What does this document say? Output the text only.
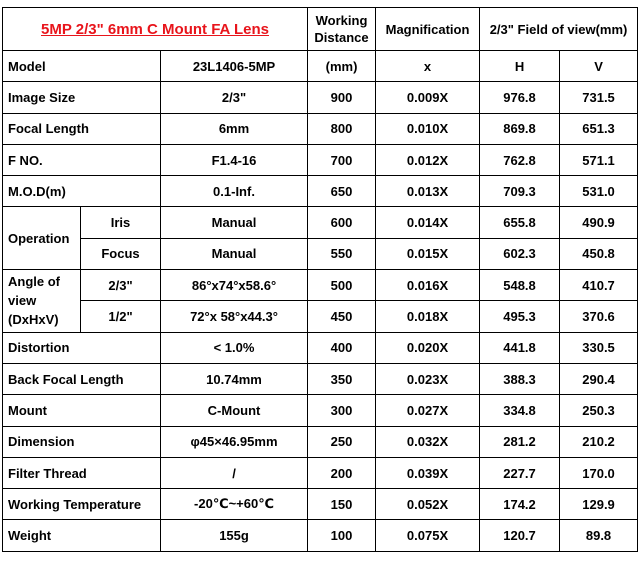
5MP 2/3" 6mm C Mount FA Lens			Working
Distance	Magnification	2/3" Field of view(mm)	
Model		23L1406-5MP	(mm)	x	H	V
Image Size		2/3"	900	0.009X	976.8	731.5
Focal Length		6mm	800	0.010X	869.8	651.3
F NO.		F1.4-16	700	0.012X	762.8	571.1
M.O.D(m)		0.1-Inf.	650	0.013X	709.3	531.0
Operation	Iris	Manual	600	0.014X	655.8	490.9
	Focus	Manual	550	0.015X	602.3	450.8
Angle of view (DxHxV)	2/3"	86°x74°x58.6°	500	0.016X	548.8	410.7
	1/2"	72°x 58°x44.3°	450	0.018X	495.3	370.6
Distortion		< 1.0%	400	0.020X	441.8	330.5
Back Focal Length		10.74mm	350	0.023X	388.3	290.4
Mount		C-Mount	300	0.027X	334.8	250.3
Dimension		φ45×46.95mm	250	0.032X	281.2	210.2
Filter Thread		/	200	0.039X	227.7	170.0
Working Temperature		-20℃~+60℃	150	0.052X	174.2	129.9
Weight		155g	100	0.075X	120.7	89.8
